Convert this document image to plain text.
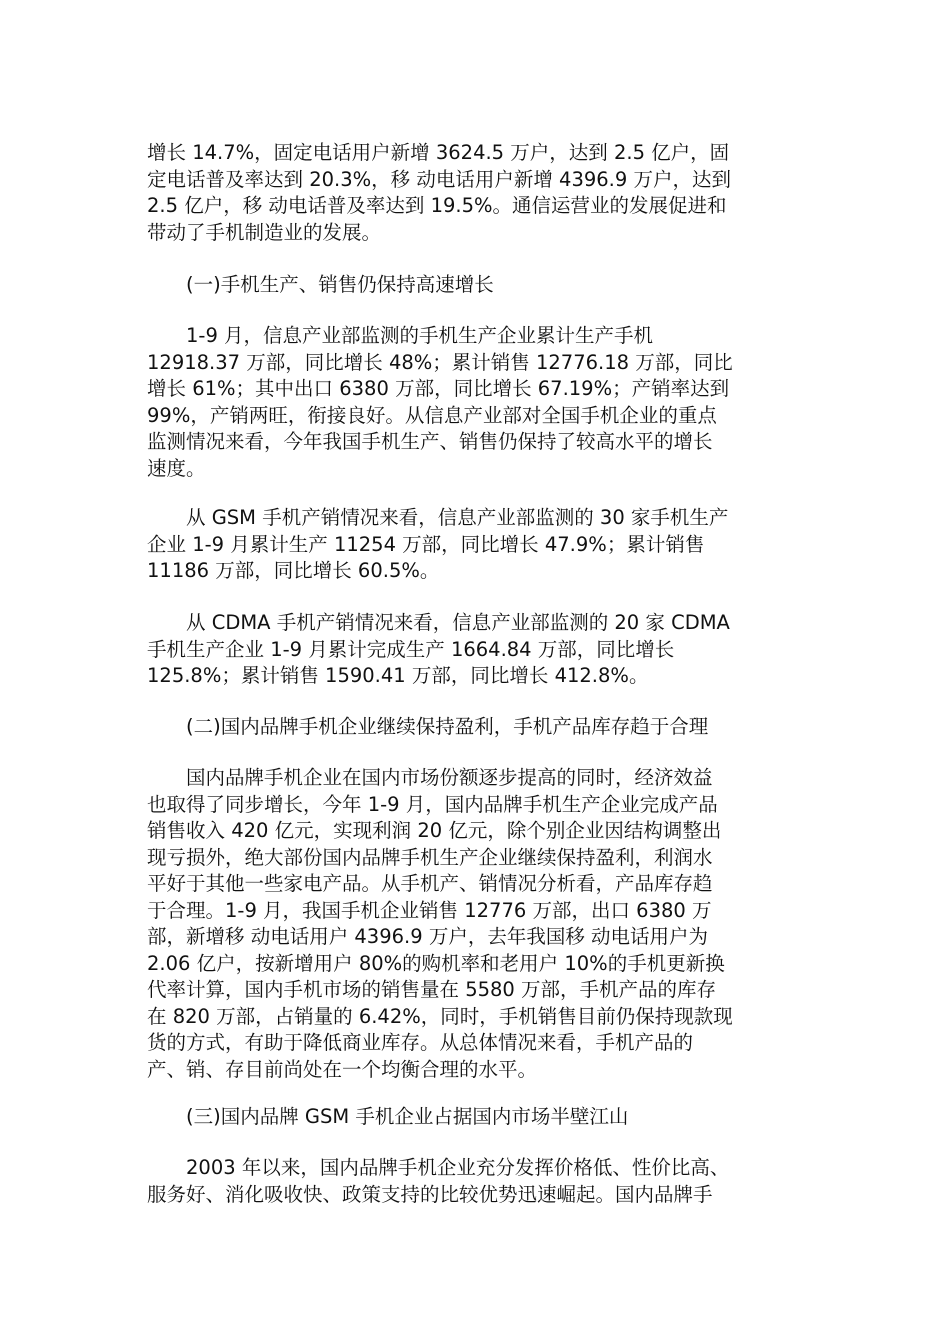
增长 14.7%，固定电话用户新增 3624.5 万户，达到 2.5 亿户，固
定电话普及率达到 20.3%，移 动电话用户新增 4396.9 万户，达到
2.5 亿户，移 动电话普及率达到 19.5%。通信运营业的发展促进和
带动了手机制造业的发展。
　　(一)手机生产、销售仍保持高速增长
　　1-9 月，信息产业部监测的手机生产企业累计生产手机
12918.37 万部，同比增长 48%；累计销售 12776.18 万部，同比
增长 61%；其中出口 6380 万部，同比增长 67.19%；产销率达到
99%，产销两旺，衔接良好。从信息产业部对全国手机企业的重点
监测情况来看，今年我国手机生产、销售仍保持了较高水平的增长
速度。
　　从 GSM 手机产销情况来看，信息产业部监测的 30 家手机生产
企业 1-9 月累计生产 11254 万部，同比增长 47.9%；累计销售
11186 万部，同比增长 60.5%。
　　从 CDMA 手机产销情况来看，信息产业部监测的 20 家 CDMA
手机生产企业 1-9 月累计完成生产 1664.84 万部，同比增长
125.8%；累计销售 1590.41 万部，同比增长 412.8%。
　　(二)国内品牌手机企业继续保持盈利，手机产品库存趋于合理
　　国内品牌手机企业在国内市场份额逐步提高的同时，经济效益
也取得了同步增长，今年 1-9 月，国内品牌手机生产企业完成产品
销售收入 420 亿元，实现利润 20 亿元，除个别企业因结构调整出
现亏损外，绝大部份国内品牌手机生产企业继续保持盈利，利润水
平好于其他一些家电产品。从手机产、销情况分析看，产品库存趋
于合理。1-9 月，我国手机企业销售 12776 万部，出口 6380 万
部，新增移 动电话用户 4396.9 万户，去年我国移 动电话用户为
2.06 亿户，按新增用户 80%的购机率和老用户 10%的手机更新换
代率计算，国内手机市场的销售量在 5580 万部，手机产品的库存
在 820 万部，占销量的 6.42%，同时，手机销售目前仍保持现款现
货的方式，有助于降低商业库存。从总体情况来看，手机产品的
产、销、存目前尚处在一个均衡合理的水平。
　　(三)国内品牌 GSM 手机企业占据国内市场半壁江山
　　2003 年以来，国内品牌手机企业充分发挥价格低、性价比高、
服务好、消化吸收快、政策支持的比较优势迅速崛起。国内品牌手
